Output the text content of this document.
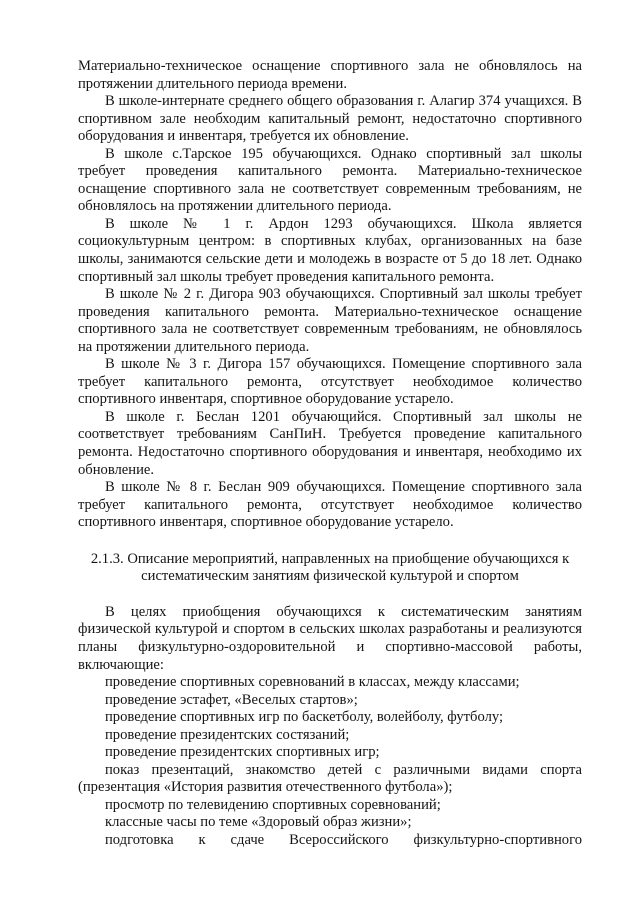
Материально-техническое оснащение спортивного зала не обновлялось на протяжении длительного периода времени.

В школе-интернате среднего общего образования г. Алагир 374 учащихся. В спортивном зале необходим капитальный ремонт, недостаточно спортивного оборудования и инвентаря, требуется их обновление.

В школе с.Тарское 195 обучающихся. Однако спортивный зал школы требует проведения капитального ремонта. Материально-техническое оснащение спортивного зала не соответствует современным требованиям, не обновлялось на протяжении длительного периода.

В школе № 1 г. Ардон 1293 обучающихся. Школа является социокультурным центром: в спортивных клубах, организованных на базе школы, занимаются сельские дети и молодежь в возрасте от 5 до 18 лет. Однако спортивный зал школы требует проведения капитального ремонта.

В школе № 2 г. Дигора 903 обучающихся. Спортивный зал школы требует проведения капитального ремонта. Материально-техническое оснащение спортивного зала не соответствует современным требованиям, не обновлялось на протяжении длительного периода.

В школе № 3 г. Дигора 157 обучающихся. Помещение спортивного зала требует капитального ремонта, отсутствует необходимое количество спортивного инвентаря, спортивное оборудование устарело.

В школе г. Беслан 1201 обучающийся. Спортивный зал школы не соответствует требованиям СанПиН. Требуется проведение капитального ремонта. Недостаточно спортивного оборудования и инвентаря, необходимо их обновление.

В школе № 8 г. Беслан 909 обучающихся. Помещение спортивного зала требует капитального ремонта, отсутствует необходимое количество спортивного инвентаря, спортивное оборудование устарело.

2.1.3. Описание мероприятий, направленных на приобщение обучающихся к
систематическим занятиям физической культурой и спортом

В целях приобщения обучающихся к систематическим занятиям физической культурой и спортом в сельских школах разработаны и реализуются планы физкультурно-оздоровительной и спортивно-массовой работы, включающие:

проведение спортивных соревнований в классах, между классами;

проведение эстафет, «Веселых стартов»;

проведение спортивных игр по баскетболу, волейболу, футболу;

проведение президентских состязаний;

проведение президентских спортивных игр;

показ презентаций, знакомство детей с различными видами спорта (презентация «История развития отечественного футбола»);

просмотр по телевидению спортивных соревнований;

классные часы по теме «Здоровый образ жизни»;

подготовка к сдаче Всероссийского физкультурно-спортивного
